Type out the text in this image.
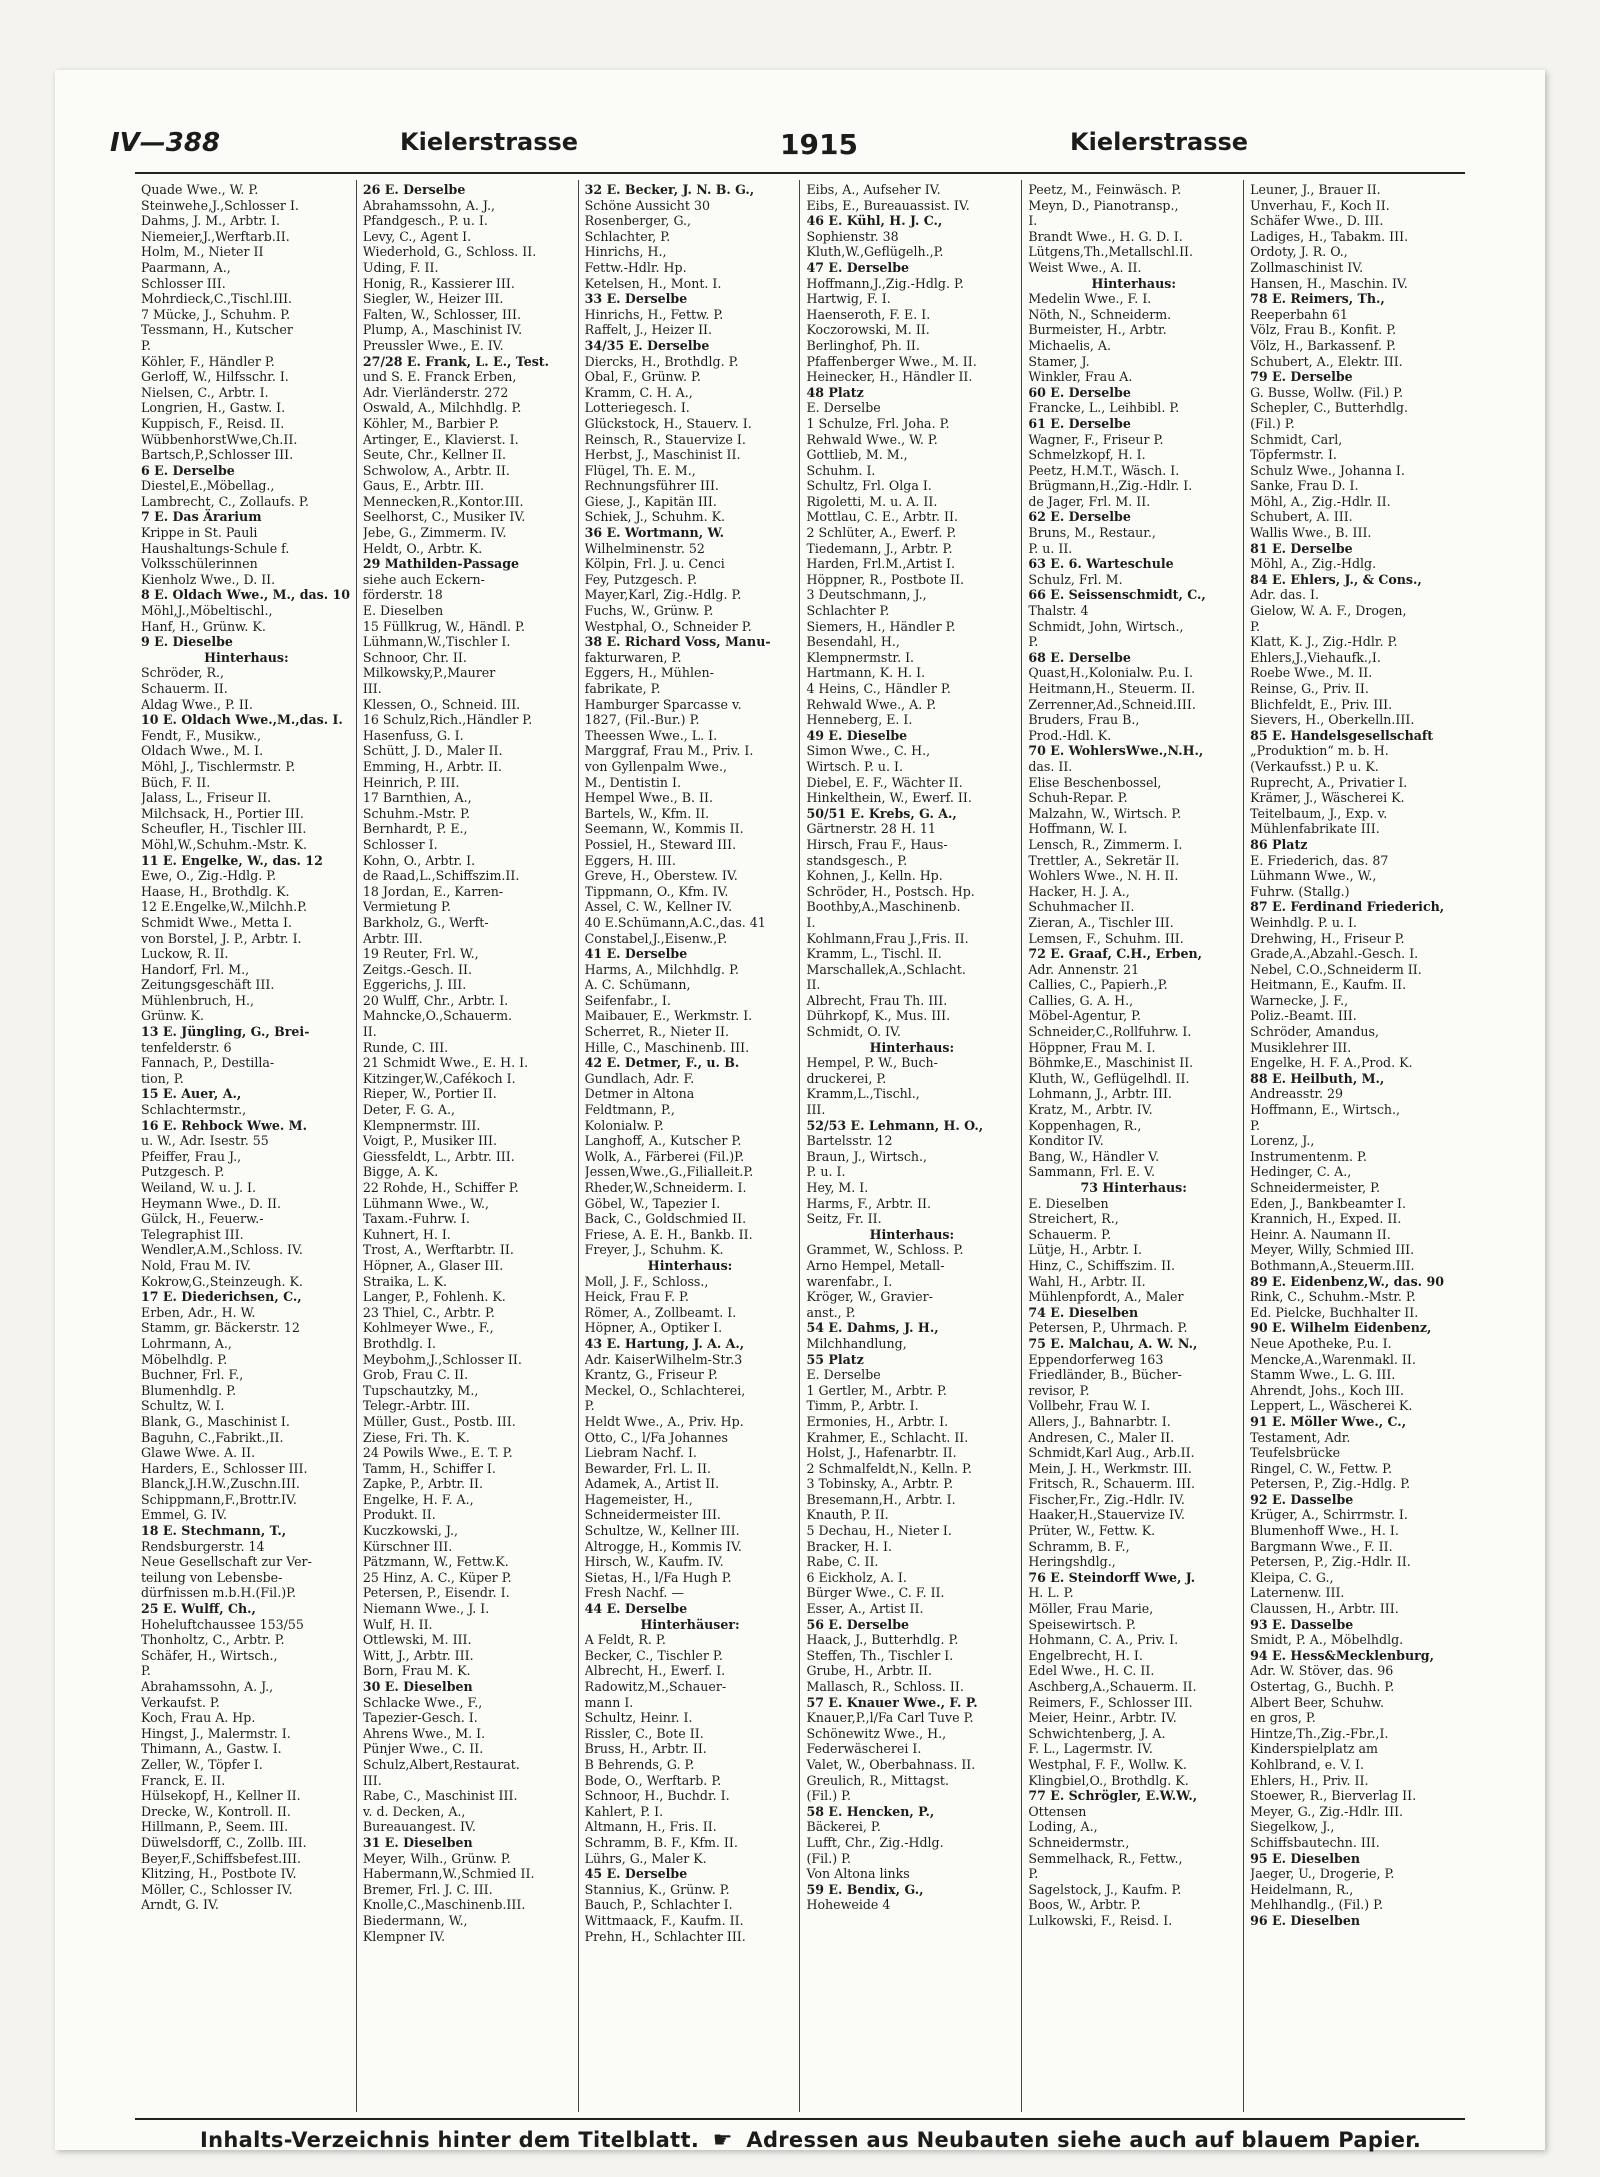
IV—388	Kielerstrasse	1915	Kielerstrasse
Quade Wwe., W. P.
Steinwehe,J.,Schlosser I.
Dahms, J. M., Arbtr. I.
Niemeier,J.,Werftarb.II.
Holm, M., Nieter II
Paarmann, A.,
Schlosser III.
Mohrdieck,C.,Tischl.III.
7 Mücke, J., Schuhm. P.
Tessmann, H., Kutscher
P.
Köhler, F., Händler P.
Gerloff, W., Hilfsschr. I.
Nielsen, C., Arbtr. I.
Longrien, H., Gastw. I.
Kuppisch, F., Reisd. II.
WübbenhorstWwe,Ch.II.
Bartsch,P.,Schlosser III.
6 E. Derselbe
Diestel,E.,Möbellag.,
Lambrecht, C., Zollaufs. P.
7 E. Das Ärarium
Krippe in St. Pauli
Haushaltungs-Schule f.
Volksschülerinnen
Kienholz Wwe., D. II.
8 E. Oldach Wwe., M., das. 10
Möhl,J.,Möbeltischl.,
Hanf, H., Grünw. K.
9 E. Dieselbe
Hinterhaus:
Schröder, R.,
Schauerm. II.
Aldag Wwe., P. II.
10 E. Oldach Wwe.,M.,das. I.
Fendt, F., Musikw.,
Oldach Wwe., M. I.
Möhl, J., Tischlermstr. P.
Büch, F. II.
Jalass, L., Friseur II.
Milchsack, H., Portier III.
Scheufler, H., Tischler III.
Möhl,W.,Schuhm.-Mstr. K.
11 E. Engelke, W., das. 12
Ewe, O., Zig.-Hdlg. P.
Haase, H., Brothdlg. K.
12 E.Engelke,W.,Milchh.P.
Schmidt Wwe., Metta I.
von Borstel, J. P., Arbtr. I.
Luckow, R. II.
Handorf, Frl. M.,
Zeitungsgeschäft III.
Mühlenbruch, H.,
Grünw. K.
13 E. Jüngling, G., Brei-
tenfelderstr. 6
Fannach, P., Destilla-
tion, P.
15 E. Auer, A.,
Schlachtermstr.,
16 E. Rehbock Wwe. M.
u. W., Adr. Isestr. 55
Pfeiffer, Frau J.,
Putzgesch. P.
Weiland, W. u. J. I.
Heymann Wwe., D. II.
Gülck, H., Feuerw.-
Telegraphist III.
Wendler,A.M.,Schloss. IV.
Nold, Frau M. IV.
Kokrow,G.,Steinzeugh. K.
17 E. Diederichsen, C.,
Erben, Adr., H. W.
Stamm, gr. Bäckerstr. 12
Lohrmann, A.,
Möbelhdlg. P.
Buchner, Frl. F.,
Blumenhdlg. P.
Schultz, W. I.
Blank, G., Maschinist I.
Baguhn, C.,Fabrikt.,II.
Glawe Wwe. A. II.
Harders, E., Schlosser III.
Blanck,J.H.W.,Zuschn.III.
Schippmann,F.,Brottr.IV.
Emmel, G. IV.
18 E. Stechmann, T.,
Rendsburgerstr. 14
Neue Gesellschaft zur Ver-
teilung von Lebensbe-
dürfnissen m.b.H.(Fil.)P.
25 E. Wulff, Ch.,
Hoheluftchaussee 153/55
Thonholtz, C., Arbtr. P.
Schäfer, H., Wirtsch.,
P.
Abrahamssohn, A. J.,
Verkaufst. P.
Koch, Frau A. Hp.
Hingst, J., Malermstr. I.
Thimann, A., Gastw. I.
Zeller, W., Töpfer I.
Franck, E. II.
Hülsekopf, H., Kellner II.
Drecke, W., Kontroll. II.
Hillmann, P., Seem. III.
Düwelsdorff, C., Zollb. III.
Beyer,F.,Schiffsbefest.III.
Klitzing, H., Postbote IV.
Möller, C., Schlosser IV.
Arndt, G. IV.
26 E. Derselbe
Abrahamssohn, A. J.,
Pfandgesch., P. u. I.
Levy, C., Agent I.
Wiederhold, G., Schloss. II.
Uding, F. II.
Honig, R., Kassierer III.
Siegler, W., Heizer III.
Falten, W., Schlosser, III.
Plump, A., Maschinist IV.
Preussler Wwe., E. IV.
27/28 E. Frank, L. E., Test.
und S. E. Franck Erben,
Adr. Vierländerstr. 272
Oswald, A., Milchhdlg. P.
Köhler, M., Barbier P.
Artinger, E., Klavierst. I.
Seute, Chr., Kellner II.
Schwolow, A., Arbtr. II.
Gaus, E., Arbtr. III.
Mennecken,R.,Kontor.III.
Seelhorst, C., Musiker IV.
Jebe, G., Zimmerm. IV.
Heldt, O., Arbtr. K.
29 Mathilden-Passage
siehe auch Eckern-
förderstr. 18
E. Dieselben
15 Füllkrug, W., Händl. P.
Lühmann,W.,Tischler I.
Schnoor, Chr. II.
Milkowsky,P.,Maurer
III.
Klessen, O., Schneid. III.
16 Schulz,Rich.,Händler P.
Hasenfuss, G. I.
Schütt, J. D., Maler II.
Emming, H., Arbtr. II.
Heinrich, P. III.
17 Barnthien, A.,
Schuhm.-Mstr. P.
Bernhardt, P. E.,
Schlosser I.
Kohn, O., Arbtr. I.
de Raad,L.,Schiffszim.II.
18 Jordan, E., Karren-
Vermietung P.
Barkholz, G., Werft-
Arbtr. III.
19 Reuter, Frl. W.,
Zeitgs.-Gesch. II.
Eggerichs, J. III.
20 Wulff, Chr., Arbtr. I.
Mahncke,O.,Schauerm.
II.
Runde, C. III.
21 Schmidt Wwe., E. H. I.
Kitzinger,W.,Cafékoch I.
Rieper, W., Portier II.
Deter, F. G. A.,
Klempnermstr. III.
Voigt, P., Musiker III.
Giessfeldt, L., Arbtr. III.
Bigge, A. K.
22 Rohde, H., Schiffer P.
Lühmann Wwe., W.,
Taxam.-Fuhrw. I.
Kuhnert, H. I.
Trost, A., Werftarbtr. II.
Höpner, A., Glaser III.
Straika, L. K.
Langer, P., Fohlenh. K.
23 Thiel, C., Arbtr. P.
Kohlmeyer Wwe., F.,
Brothdlg. I.
Meybohm,J.,Schlosser II.
Grob, Frau C. II.
Tupschautzky, M.,
Telegr.-Arbtr. III.
Müller, Gust., Postb. III.
Ziese, Fri. Th. K.
24 Powils Wwe., E. T. P.
Tamm, H., Schiffer I.
Zapke, P., Arbtr. II.
Engelke, H. F. A.,
Produkt. II.
Kuczkowski, J.,
Kürschner III.
Pätzmann, W., Fettw.K.
25 Hinz, A. C., Küper P.
Petersen, P., Eisendr. I.
Niemann Wwe., J. I.
Wulf, H. II.
Ottlewski, M. III.
Witt, J., Arbtr. III.
Born, Frau M. K.
30 E. Dieselben
Schlacke Wwe., F.,
Tapezier-Gesch. I.
Ahrens Wwe., M. I.
Pünjer Wwe., C. II.
Schulz,Albert,Restaurat.
III.
Rabe, C., Maschinist III.
v. d. Decken, A.,
Bureauangest. IV.
31 E. Dieselben
Meyer, Wilh., Grünw. P.
Habermann,W.,Schmied II.
Bremer, Frl. J. C. III.
Knolle,C.,Maschinenb.III.
Biedermann, W.,
Klempner IV.
32 E. Becker, J. N. B. G.,
Schöne Aussicht 30
Rosenberger, G.,
Schlachter, P.
Hinrichs, H.,
Fettw.-Hdlr. Hp.
Ketelsen, H., Mont. I.
33 E. Derselbe
Hinrichs, H., Fettw. P.
Raffelt, J., Heizer II.
34/35 E. Derselbe
Diercks, H., Brothdlg. P.
Obal, F., Grünw. P.
Kramm, C. H. A.,
Lotteriegesch. I.
Glückstock, H., Stauerv. I.
Reinsch, R., Stauervize I.
Herbst, J., Maschinist II.
Flügel, Th. E. M.,
Rechnungsführer III.
Giese, J., Kapitän III.
Schiek, J., Schuhm. K.
36 E. Wortmann, W.
Wilhelminenstr. 52
Kölpin, Frl. J. u. Cenci
Fey, Putzgesch. P.
Mayer,Karl, Zig.-Hdlg. P.
Fuchs, W., Grünw. P.
Westphal, O., Schneider P.
38 E. Richard Voss, Manu-
fakturwaren, P.
Eggers, H., Mühlen-
fabrikate, P.
Hamburger Sparcasse v.
1827, (Fil.-Bur.) P.
Theessen Wwe., L. I.
Marggraf, Frau M., Priv. I.
von Gyllenpalm Wwe.,
M., Dentistin I.
Hempel Wwe., B. II.
Bartels, W., Kfm. II.
Seemann, W., Kommis II.
Possiel, H., Steward III.
Eggers, H. III.
Greve, H., Oberstew. IV.
Tippmann, O., Kfm. IV.
Assel, C. W., Kellner IV.
40 E.Schümann,A.C.,das. 41
Constabel,J.,Eisenw.,P.
41 E. Derselbe
Harms, A., Milchhdlg. P.
A. C. Schümann,
Seifenfabr., I.
Maibauer, E., Werkmstr. I.
Scherret, R., Nieter II.
Hille, C., Maschinenb. III.
42 E. Detmer, F., u. B.
Gundlach, Adr. F.
Detmer in Altona
Feldtmann, P.,
Kolonialw. P.
Langhoff, A., Kutscher P.
Wolk, A., Färberei (Fil.)P.
Jessen,Wwe.,G.,Filialleit.P.
Rheder,W.,Schneiderm. I.
Göbel, W., Tapezier I.
Back, C., Goldschmied II.
Friese, A. E. H., Bankb. II.
Freyer, J., Schuhm. K.
Hinterhaus:
Moll, J. F., Schloss.,
Heick, Frau F. P.
Römer, A., Zollbeamt. I.
Höpner, A., Optiker I.
43 E. Hartung, J. A. A.,
Adr. KaiserWilhelm-Str.3
Krantz, G., Friseur P.
Meckel, O., Schlachterei,
P.
Heldt Wwe., A., Priv. Hp.
Otto, C., l/Fa Johannes
Liebram Nachf. I.
Bewarder, Frl. L. II.
Adamek, A., Artist II.
Hagemeister, H.,
Schneidermeister III.
Schultze, W., Kellner III.
Altrogge, H., Kommis IV.
Hirsch, W., Kaufm. IV.
Sietas, H., l/Fa Hugh P.
Fresh Nachf. —
44 E. Derselbe
Hinterhäuser:
A Feldt, R. P.
Becker, C., Tischler P.
Albrecht, H., Ewerf. I.
Radowitz,M.,Schauer-
mann I.
Schultz, Heinr. I.
Rissler, C., Bote II.
Bruss, H., Arbtr. II.
B Behrends, G. P.
Bode, O., Werftarb. P.
Schnoor, H., Buchdr. I.
Kahlert, P. I.
Altmann, H., Fris. II.
Schramm, B. F., Kfm. II.
Lührs, G., Maler K.
45 E. Derselbe
Stannius, K., Grünw. P.
Bauch, P., Schlachter I.
Wittmaack, F., Kaufm. II.
Prehn, H., Schlachter III.
Eibs, A., Aufseher IV.
Eibs, E., Bureauassist. IV.
46 E. Kühl, H. J. C.,
Sophienstr. 38
Kluth,W.,Geflügelh.,P.
47 E. Derselbe
Hoffmann,J.,Zig.-Hdlg. P.
Hartwig, F. I.
Haenseroth, F. E. I.
Koczorowski, M. II.
Berlinghof, Ph. II.
Pfaffenberger Wwe., M. II.
Heinecker, H., Händler II.
48 Platz
E. Derselbe
1 Schulze, Frl. Joha. P.
Rehwald Wwe., W. P.
Gottlieb, M. M.,
Schuhm. I.
Schultz, Frl. Olga I.
Rigoletti, M. u. A. II.
Mottlau, C. E., Arbtr. II.
2 Schlüter, A., Ewerf. P.
Tiedemann, J., Arbtr. P.
Harden, Frl.M.,Artist I.
Höppner, R., Postbote II.
3 Deutschmann, J.,
Schlachter P.
Siemers, H., Händler P.
Besendahl, H.,
Klempnermstr. I.
Hartmann, K. H. I.
4 Heins, C., Händler P.
Rehwald Wwe., A. P.
Henneberg, E. I.
49 E. Dieselbe
Simon Wwe., C. H.,
Wirtsch. P. u. I.
Diebel, E. F., Wächter II.
Hinkelthein, W., Ewerf. II.
50/51 E. Krebs, G. A.,
Gärtnerstr. 28 H. 11
Hirsch, Frau F., Haus-
standsgesch., P.
Kohnen, J., Kelln. Hp.
Schröder, H., Postsch. Hp.
Boothby,A.,Maschinenb.
I.
Kohlmann,Frau J.,Fris. II.
Kramm, L., Tischl. II.
Marschallek,A.,Schlacht.
II.
Albrecht, Frau Th. III.
Dührkopf, K., Mus. III.
Schmidt, O. IV.
Hinterhaus:
Hempel, P. W., Buch-
druckerei, P.
Kramm,L.,Tischl.,
III.
52/53 E. Lehmann, H. O.,
Bartelsstr. 12
Braun, J., Wirtsch.,
P. u. I.
Hey, M. I.
Harms, F., Arbtr. II.
Seitz, Fr. II.
Hinterhaus:
Grammet, W., Schloss. P.
Arno Hempel, Metall-
warenfabr., I.
Kröger, W., Gravier-
anst., P.
54 E. Dahms, J. H.,
Milchhandlung,
55 Platz
E. Derselbe
1 Gertler, M., Arbtr. P.
Timm, P., Arbtr. I.
Ermonies, H., Arbtr. I.
Krahmer, E., Schlacht. II.
Holst, J., Hafenarbtr. II.
2 Schmalfeldt,N., Kelln. P.
3 Tobinsky, A., Arbtr. P.
Bresemann,H., Arbtr. I.
Knauth, P. II.
5 Dechau, H., Nieter I.
Bracker, H. I.
Rabe, C. II.
6 Eickholz, A. I.
Bürger Wwe., C. F. II.
Esser, A., Artist II.
56 E. Derselbe
Haack, J., Butterhdlg. P.
Steffen, Th., Tischler I.
Grube, H., Arbtr. II.
Mallasch, R., Schloss. II.
57 E. Knauer Wwe., F. P.
Knauer,P.,l/Fa Carl Tuve P.
Schönewitz Wwe., H.,
Federwäscherei I.
Valet, W., Oberbahnass. II.
Greulich, R., Mittagst.
(Fil.) P.
58 E. Hencken, P.,
Bäckerei, P.
Lufft, Chr., Zig.-Hdlg.
(Fil.) P.
Von Altona links
59 E. Bendix, G.,
Hoheweide 4
Peetz, M., Feinwäsch. P.
Meyn, D., Pianotransp.,
I.
Brandt Wwe., H. G. D. I.
Lütgens,Th.,Metallschl.II.
Weist Wwe., A. II.
Hinterhaus:
Medelin Wwe., F. I.
Nöth, N., Schneiderm.
Burmeister, H., Arbtr.
Michaelis, A.
Stamer, J.
Winkler, Frau A.
60 E. Derselbe
Francke, L., Leihbibl. P.
61 E. Derselbe
Wagner, F., Friseur P.
Schmelzkopf, H. I.
Peetz, H.M.T., Wäsch. I.
Brügmann,H.,Zig.-Hdlr. I.
de Jager, Frl. M. II.
62 E. Derselbe
Bruns, M., Restaur.,
P. u. II.
63 E. 6. Warteschule
Schulz, Frl. M.
66 E. Seissenschmidt, C.,
Thalstr. 4
Schmidt, John, Wirtsch.,
P.
68 E. Derselbe
Quast,H.,Kolonialw. P.u. I.
Heitmann,H., Steuerm. II.
Zerrenner,Ad.,Schneid.III.
Bruders, Frau B.,
Prod.-Hdl. K.
70 E. WohlersWwe.,N.H.,
das. II.
Elise Beschenbossel,
Schuh-Repar. P.
Malzahn, W., Wirtsch. P.
Hoffmann, W. I.
Lensch, R., Zimmerm. I.
Trettler, A., Sekretär II.
Wohlers Wwe., N. H. II.
Hacker, H. J. A.,
Schuhmacher II.
Zieran, A., Tischler III.
Lemsen, F., Schuhm. III.
72 E. Graaf, C.H., Erben,
Adr. Annenstr. 21
Callies, C., Papierh.,P.
Callies, G. A. H.,
Möbel-Agentur, P.
Schneider,C.,Rollfuhrw. I.
Höppner, Frau M. I.
Böhmke,E., Maschinist II.
Kluth, W., Geflügelhdl. II.
Lohmann, J., Arbtr. III.
Kratz, M., Arbtr. IV.
Koppenhagen, R.,
Konditor IV.
Bang, W., Händler V.
Sammann, Frl. E. V.
73 Hinterhaus:
E. Dieselben
Streichert, R.,
Schauerm. P.
Lütje, H., Arbtr. I.
Hinz, C., Schiffszim. II.
Wahl, H., Arbtr. II.
Mühlenpfordt, A., Maler
74 E. Dieselben
Petersen, P., Uhrmach. P.
75 E. Malchau, A. W. N.,
Eppendorferweg 163
Friedländer, B., Bücher-
revisor, P.
Vollbehr, Frau W. I.
Allers, J., Bahnarbtr. I.
Andresen, C., Maler II.
Schmidt,Karl Aug., Arb.II.
Mein, J. H., Werkmstr. III.
Fritsch, R., Schauerm. III.
Fischer,Fr., Zig.-Hdlr. IV.
Haaker,H.,Stauervize IV.
Prüter, W., Fettw. K.
Schramm, B. F.,
Heringshdlg.,
76 E. Steindorff Wwe, J.
H. L. P.
Möller, Frau Marie,
Speisewirtsch. P.
Hohmann, C. A., Priv. I.
Engelbrecht, H. I.
Edel Wwe., H. C. II.
Aschberg,A.,Schauerm. II.
Reimers, F., Schlosser III.
Meier, Heinr., Arbtr. IV.
Schwichtenberg, J. A.
F. L., Lagermstr. IV.
Westphal, F. F., Wollw. K.
Klingbiel,O., Brothdlg. K.
77 E. Schrögler, E.W.W.,
Ottensen
Loding, A.,
Schneidermstr.,
Semmelhack, R., Fettw.,
P.
Sagelstock, J., Kaufm. P.
Boos, W., Arbtr. P.
Lulkowski, F., Reisd. I.
Leuner, J., Brauer II.
Unverhau, F., Koch II.
Schäfer Wwe., D. III.
Ladiges, H., Tabakm. III.
Ordoty, J. R. O.,
Zollmaschinist IV.
Hansen, H., Maschin. IV.
78 E. Reimers, Th.,
Reeperbahn 61
Völz, Frau B., Konfit. P.
Völz, H., Barkassenf. P.
Schubert, A., Elektr. III.
79 E. Derselbe
G. Busse, Wollw. (Fil.) P.
Schepler, C., Butterhdlg.
(Fil.) P.
Schmidt, Carl,
Töpfermstr. I.
Schulz Wwe., Johanna I.
Sanke, Frau D. I.
Möhl, A., Zig.-Hdlr. II.
Schubert, A. III.
Wallis Wwe., B. III.
81 E. Derselbe
Möhl, A., Zig.-Hdlg.
84 E. Ehlers, J., & Cons.,
Adr. das. I.
Gielow, W. A. F., Drogen,
P.
Klatt, K. J., Zig.-Hdlr. P.
Ehlers,J.,Viehaufk.,I.
Roebe Wwe., M. II.
Reinse, G., Priv. II.
Blichfeldt, E., Priv. III.
Sievers, H., Oberkelln.III.
85 E. Handelsgesellschaft
„Produktion“ m. b. H.
(Verkaufsst.) P. u. K.
Ruprecht, A., Privatier I.
Krämer, J., Wäscherei K.
Teitelbaum, J., Exp. v.
Mühlenfabrikate III.
86 Platz
E. Friederich, das. 87
Lühmann Wwe., W.,
Fuhrw. (Stallg.)
87 E. Ferdinand Friederich,
Weinhdlg. P. u. I.
Drehwing, H., Friseur P.
Grade,A.,Abzahl.-Gesch. I.
Nebel, C.O.,Schneiderm II.
Heitmann, E., Kaufm. II.
Warnecke, J. F.,
Poliz.-Beamt. III.
Schröder, Amandus,
Musiklehrer III.
Engelke, H. F. A.,Prod. K.
88 E. Heilbuth, M.,
Andreasstr. 29
Hoffmann, E., Wirtsch.,
P.
Lorenz, J.,
Instrumentenm. P.
Hedinger, C. A.,
Schneidermeister, P.
Eden, J., Bankbeamter I.
Krannich, H., Exped. II.
Heinr. A. Naumann II.
Meyer, Willy, Schmied III.
Bothmann,A.,Steuerm.III.
89 E. Eidenbenz,W., das. 90
Rink, C., Schuhm.-Mstr. P.
Ed. Pielcke, Buchhalter II.
90 E. Wilhelm Eidenbenz,
Neue Apotheke, P.u. I.
Mencke,A.,Warenmakl. II.
Stamm Wwe., L. G. III.
Ahrendt, Johs., Koch III.
Leppert, L., Wäscherei K.
91 E. Möller Wwe., C.,
Testament, Adr.
Teufelsbrücke
Ringel, C. W., Fettw. P.
Petersen, P., Zig.-Hdlg. P.
92 E. Dasselbe
Krüger, A., Schirrmstr. I.
Blumenhoff Wwe., H. I.
Bargmann Wwe., F. II.
Petersen, P., Zig.-Hdlr. II.
Kleipa, C. G.,
Laternenw. III.
Claussen, H., Arbtr. III.
93 E. Dasselbe
Smidt, P. A., Möbelhdlg.
94 E. Hess&Mecklenburg,
Adr. W. Stöver, das. 96
Ostertag, G., Buchh. P.
Albert Beer, Schuhw.
en gros, P.
Hintze,Th.,Zig.-Fbr.,I.
Kinderspielplatz am
Kohlbrand, e. V. I.
Ehlers, H., Priv. II.
Stoewer, R., Bierverlag II.
Meyer, G., Zig.-Hdlr. III.
Siegelkow, J.,
Schiffsbautechn. III.
95 E. Dieselben
Jaeger, U., Drogerie, P.
Heidelmann, R.,
Mehlhandlg., (Fil.) P.
96 E. Dieselben
Inhalts-Verzeichnis hinter dem Titelblatt. ☛ Adressen aus Neubauten siehe auch auf blauem Papier.
